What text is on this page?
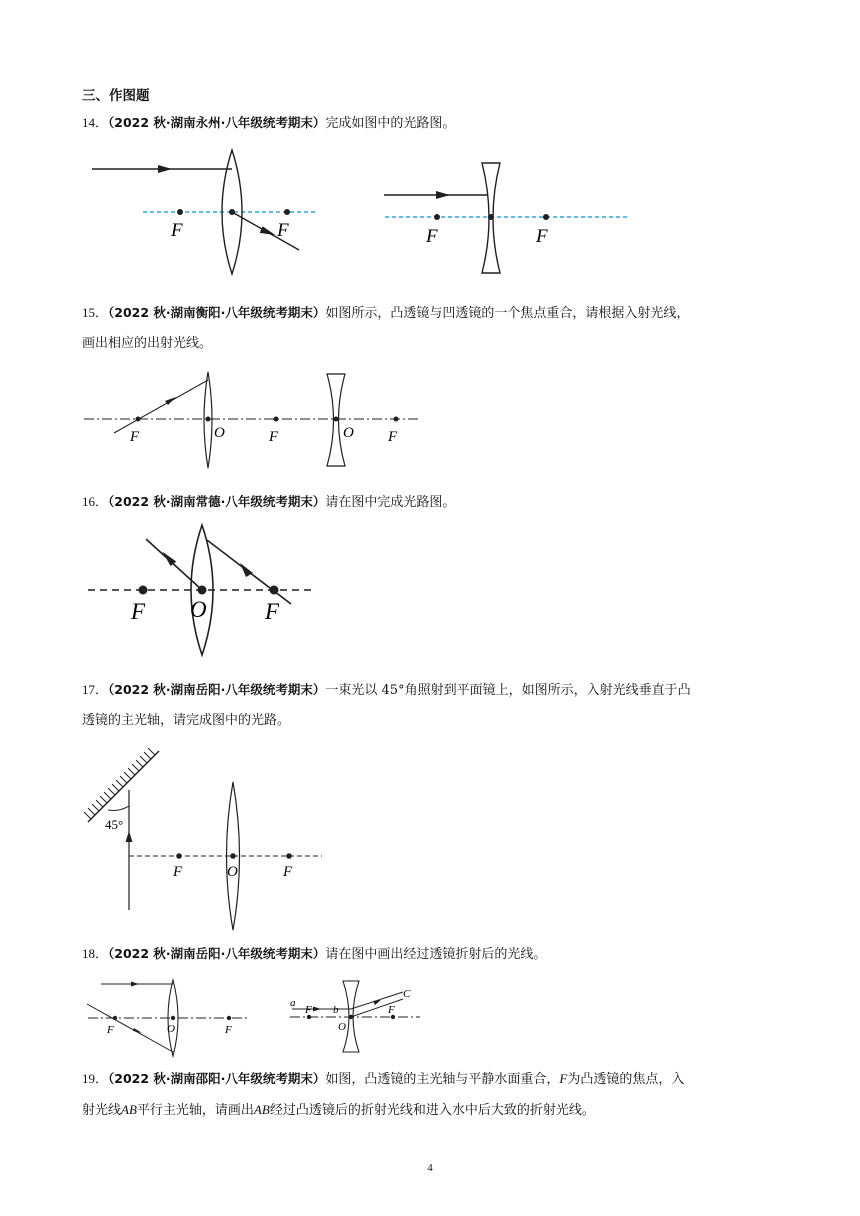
三、作图题
14．（2022 秋·湖南永州·八年级统考期末）完成如图中的光路图。
F	F	F	F
F	O	F	O F
F O	F
45°
F	O	F
F	O	F
a
F b
O
F
C
15．（2022 秋·湖南衡阳·八年级统考期末）如图所示，凸透镜与凹透镜的一个焦点重合，请根据入射光线，
画出相应的出射光线。
16．（2022 秋·湖南常德·八年级统考期末）请在图中完成光路图。
17．（2022 秋·湖南岳阳·八年级统考期末）一束光以 45°角照射到平面镜上，如图所示，入射光线垂直于凸
透镜的主光轴，请完成图中的光路。
18．（2022 秋·湖南岳阳·八年级统考期末）请在图中画出经过透镜折射后的光线。
19．（2022 秋·湖南邵阳·八年级统考期末）如图，凸透镜的主光轴与平静水面重合，F为凸透镜的焦点，入
射光线AB平行主光轴，请画出AB经过凸透镜后的折射光线和进入水中后大致的折射光线。
4
